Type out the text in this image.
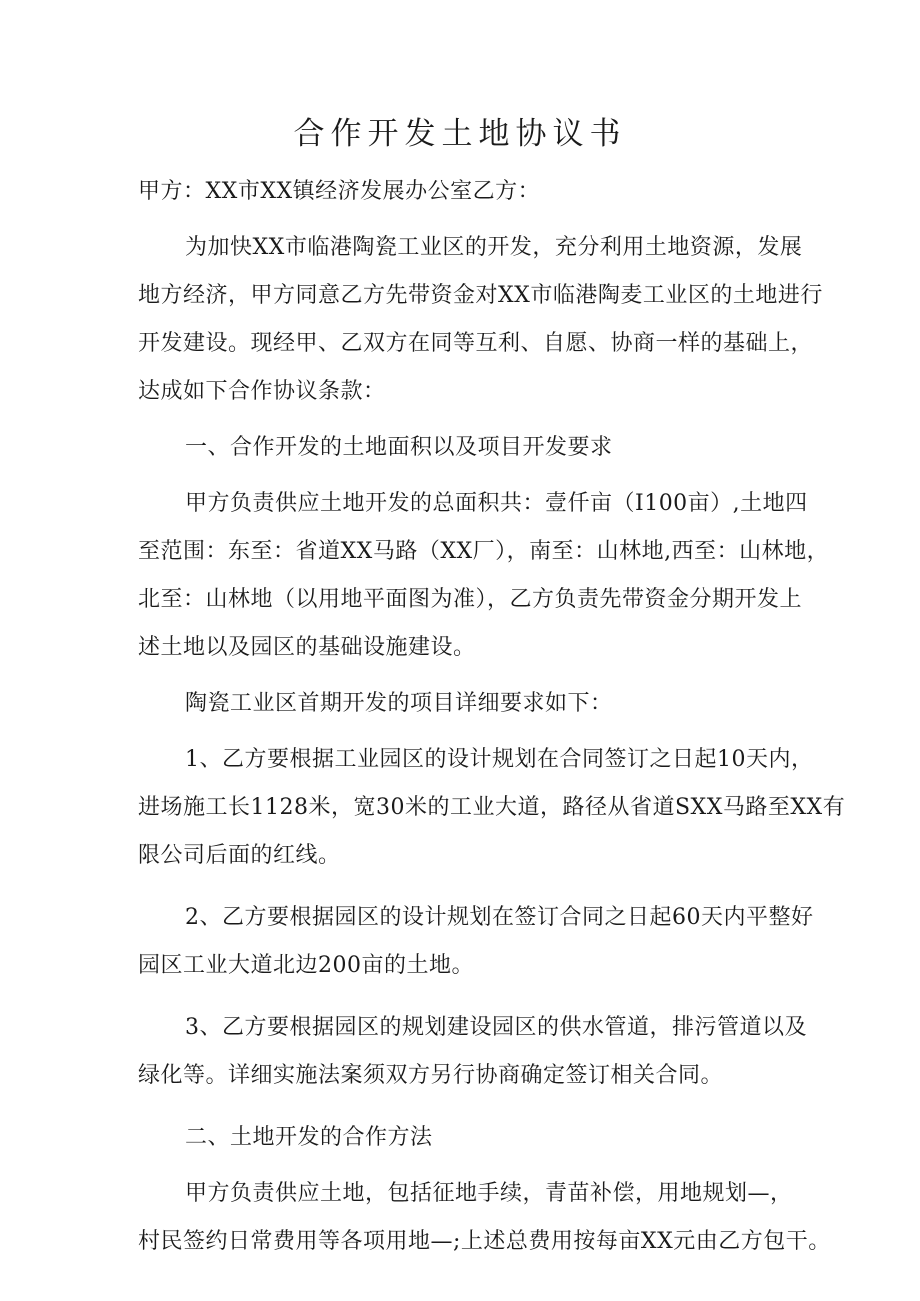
合作开发土地协议书

甲方：XX市XX镇经济发展办公室乙方：

为加快XX市临港陶瓷工业区的开发，充分利用土地资源，发展

地方经济，甲方同意乙方先带资金对XX市临港陶麦工业区的土地进行

开发建设。现经甲、乙双方在同等互利、自愿、协商一样的基础上，

达成如下合作协议条款：

一、合作开发的土地面积以及项目开发要求

甲方负责供应土地开发的总面积共：壹仟亩（I100亩）,土地四

至范围：东至：省道XX马路（XX厂），南至：山林地,西至：山林地，

北至：山林地（以用地平面图为准），乙方负责先带资金分期开发上

述土地以及园区的基础设施建设。

陶瓷工业区首期开发的项目详细要求如下：

1、乙方要根据工业园区的设计规划在合同签订之日起10天内，

进场施工长1128米，宽30米的工业大道，路径从省道SXX马路至XX有

限公司后面的红线。

2、乙方要根据园区的设计规划在签订合同之日起60天内平整好

园区工业大道北边200亩的土地。

3、乙方要根据园区的规划建设园区的供水管道，排污管道以及

绿化等。详细实施法案须双方另行协商确定签订相关合同。

二、土地开发的合作方法

甲方负责供应土地，包括征地手续，青苗补偿，用地规划—，

村民签约日常费用等各项用地—;上述总费用按每亩XX元由乙方包干。
